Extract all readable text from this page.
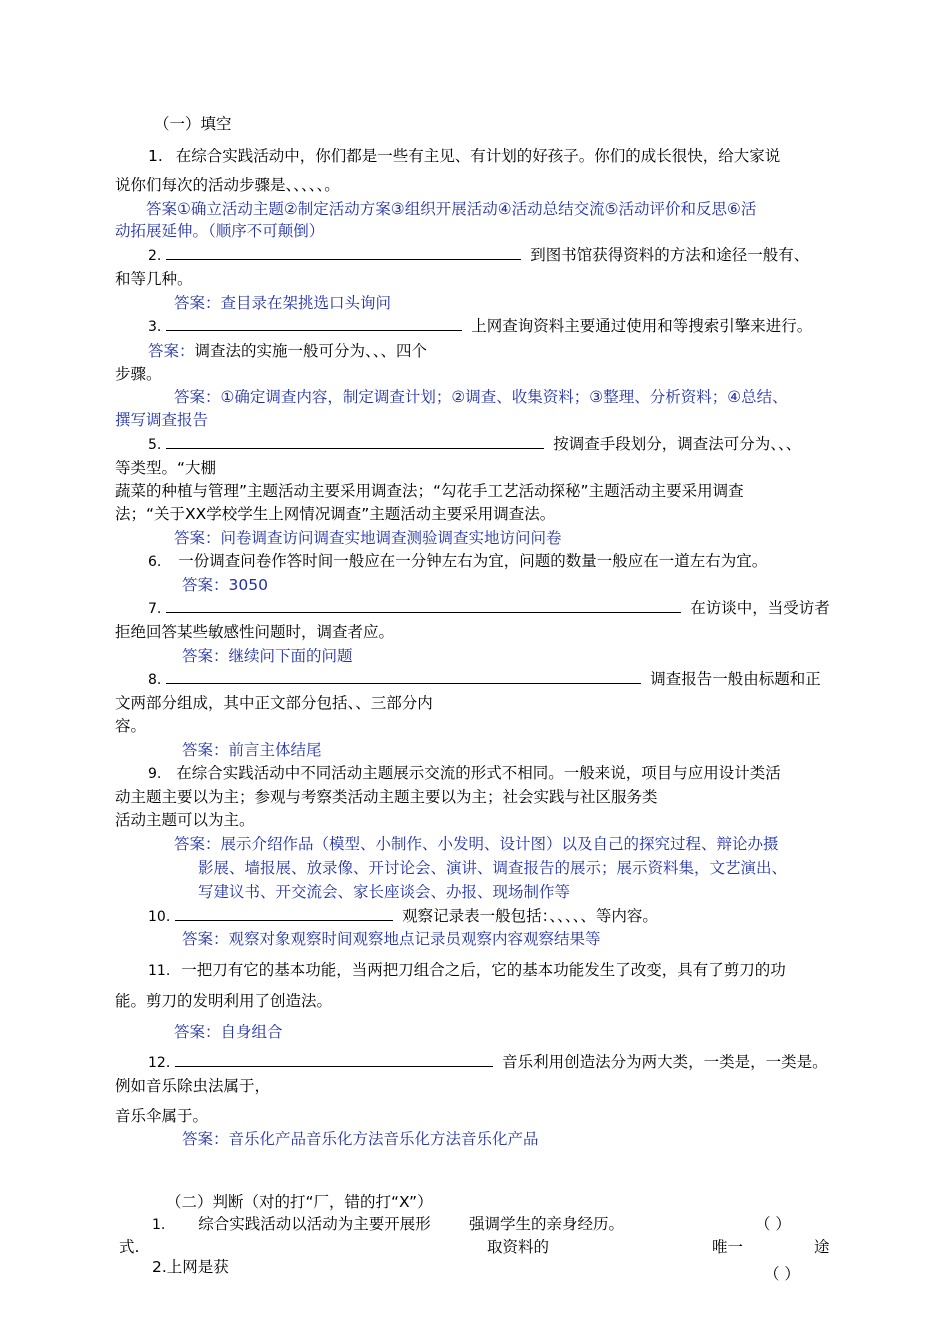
（一）填空
1. 在综合实践活动中，你们都是一些有主见、有计划的好孩子。你们的成长很快，给大家说
说你们每次的活动步骤是、、、、、。
答案①确立活动主题②制定活动方案③组织开展活动④活动总结交流⑤活动评价和反思⑥活
动拓展延伸。（顺序不可颠倒）
2.	到图书馆获得资料的方法和途径一般有、
和等几种。
答案：查目录在架挑选口头询问
3.	上网查询资料主要通过使用和等搜索引擎来进行。
答案：调查法的实施一般可分为、、、四个
步骤。
答案：①确定调查内容，制定调查计划；②调查、收集资料；③整理、分析资料；④总结、
撰写调查报告
5.	按调查手段划分，调查法可分为、、、
等类型。“大棚
蔬菜的种植与管理”主题活动主要采用调查法；“勾花手工艺活动探秘”主题活动主要采用调查
法；“关于XX学校学生上网情况调查”主题活动主要采用调查法。
答案：问卷调查访问调查实地调查测验调查实地访问问卷
6. 一份调查问卷作答时间一般应在一分钟左右为宜，问题的数量一般应在一道左右为宜。
答案：3050
7.	在访谈中，当受访者
拒绝回答某些敏感性问题时，调查者应。
答案：继续问下面的问题
8.	调查报告一般由标题和正
文两部分组成，其中正文部分包括、、三部分内
容。
答案：前言主体结尾
9. 在综合实践活动中不同活动主题展示交流的形式不相同。一般来说，项目与应用设计类活
动主题主要以为主；参观与考察类活动主题主要以为主；社会实践与社区服务类
活动主题可以为主。
答案：展示介绍作品（模型、小制作、小发明、设计图）以及自己的探究过程、辩论办摄
影展、墙报展、放录像、开讨论会、演讲、调查报告的展示；展示资料集，文艺演出、
写建议书、开交流会、家长座谈会、办报、现场制作等
10.	观察记录表一般包括：、、、、、等内容。
答案：观察对象观察时间观察地点记录员观察内容观察结果等
11. 一把刀有它的基本功能，当两把刀组合之后，它的基本功能发生了改变，具有了剪刀的功
能。剪刀的发明利用了创造法。
答案：自身组合
12.	音乐利用创造法分为两大类，一类是，一类是。
例如音乐除虫法属于，
音乐伞属于。
答案：音乐化产品音乐化方法音乐化方法音乐化产品
（二）判断（对的打“厂，错的打“X”）
1. 综合实践活动以活动为主要开展形 强调学生的亲身经历。	（ ）
式.	取资料的	唯一	途
2.上网是获	（ ）
